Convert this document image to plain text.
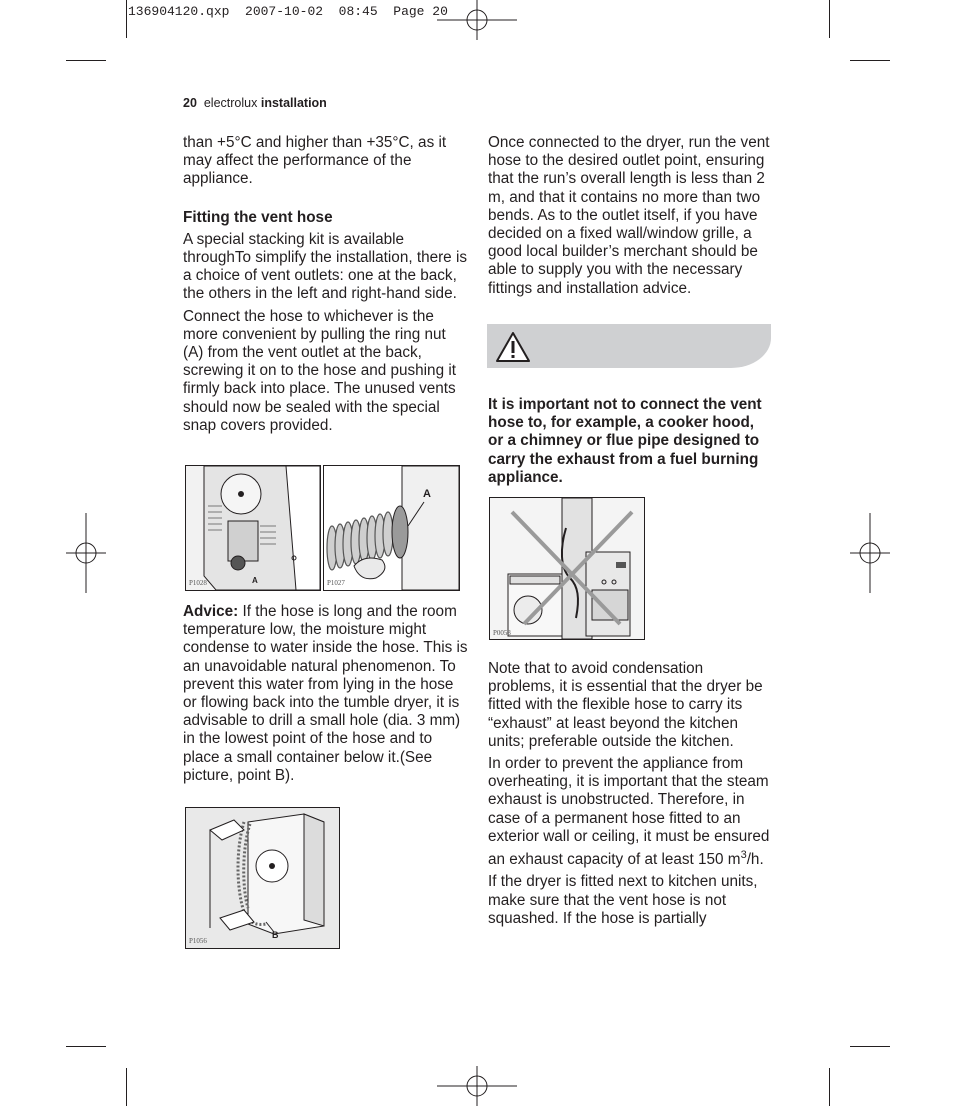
136904120.qxp 2007-10-02 08:45 Page 20
20 electrolux installation

than +5°C and higher than +35°C, as it may affect the performance of the appliance.

Fitting the vent hose

A special stacking kit is available throughTo simplify the installation, there is a choice of vent outlets: one at the back, the others in the left and right-hand side.

Connect the hose to whichever is the more convenient by pulling the ring nut (A) from the vent outlet at the back, screwing it on to the hose and pushing it firmly back into place. The unused vents should now be sealed with the special snap covers provided.

P1028	A	P1027
A

Advice: If the hose is long and the room temperature low, the moisture might condense to water inside the hose. This is an unavoidable natural phenomenon. To prevent this water from lying in the hose or flowing back into the tumble dryer, it is advisable to drill a small hole (dia. 3 mm) in the lowest point of the hose and to place a small container below it.(See picture, point B).

P1056
B

Once connected to the dryer, run the vent hose to the desired outlet point, ensuring that the run’s overall length is less than 2 m, and that it contains no more than two bends. As to the outlet itself, if you have decided on a fixed wall/window grille, a good local builder’s merchant should be able to supply you with the necessary fittings and installation advice.

It is important not to connect the vent hose to, for example, a cooker hood, or a chimney or flue pipe designed to carry the exhaust from a fuel burning appliance.

P0053

Note that to avoid condensation problems, it is essential that the dryer be fitted with the flexible hose to carry its “exhaust” at least beyond the kitchen units; preferable outside the kitchen.

In order to prevent the appliance from overheating, it is important that the steam exhaust is unobstructed. Therefore, in case of a permanent hose fitted to an exterior wall or ceiling, it must be ensured an exhaust capacity of at least 150 $m^3/h$.

If the dryer is fitted next to kitchen units, make sure that the vent hose is not squashed. If the hose is partially
